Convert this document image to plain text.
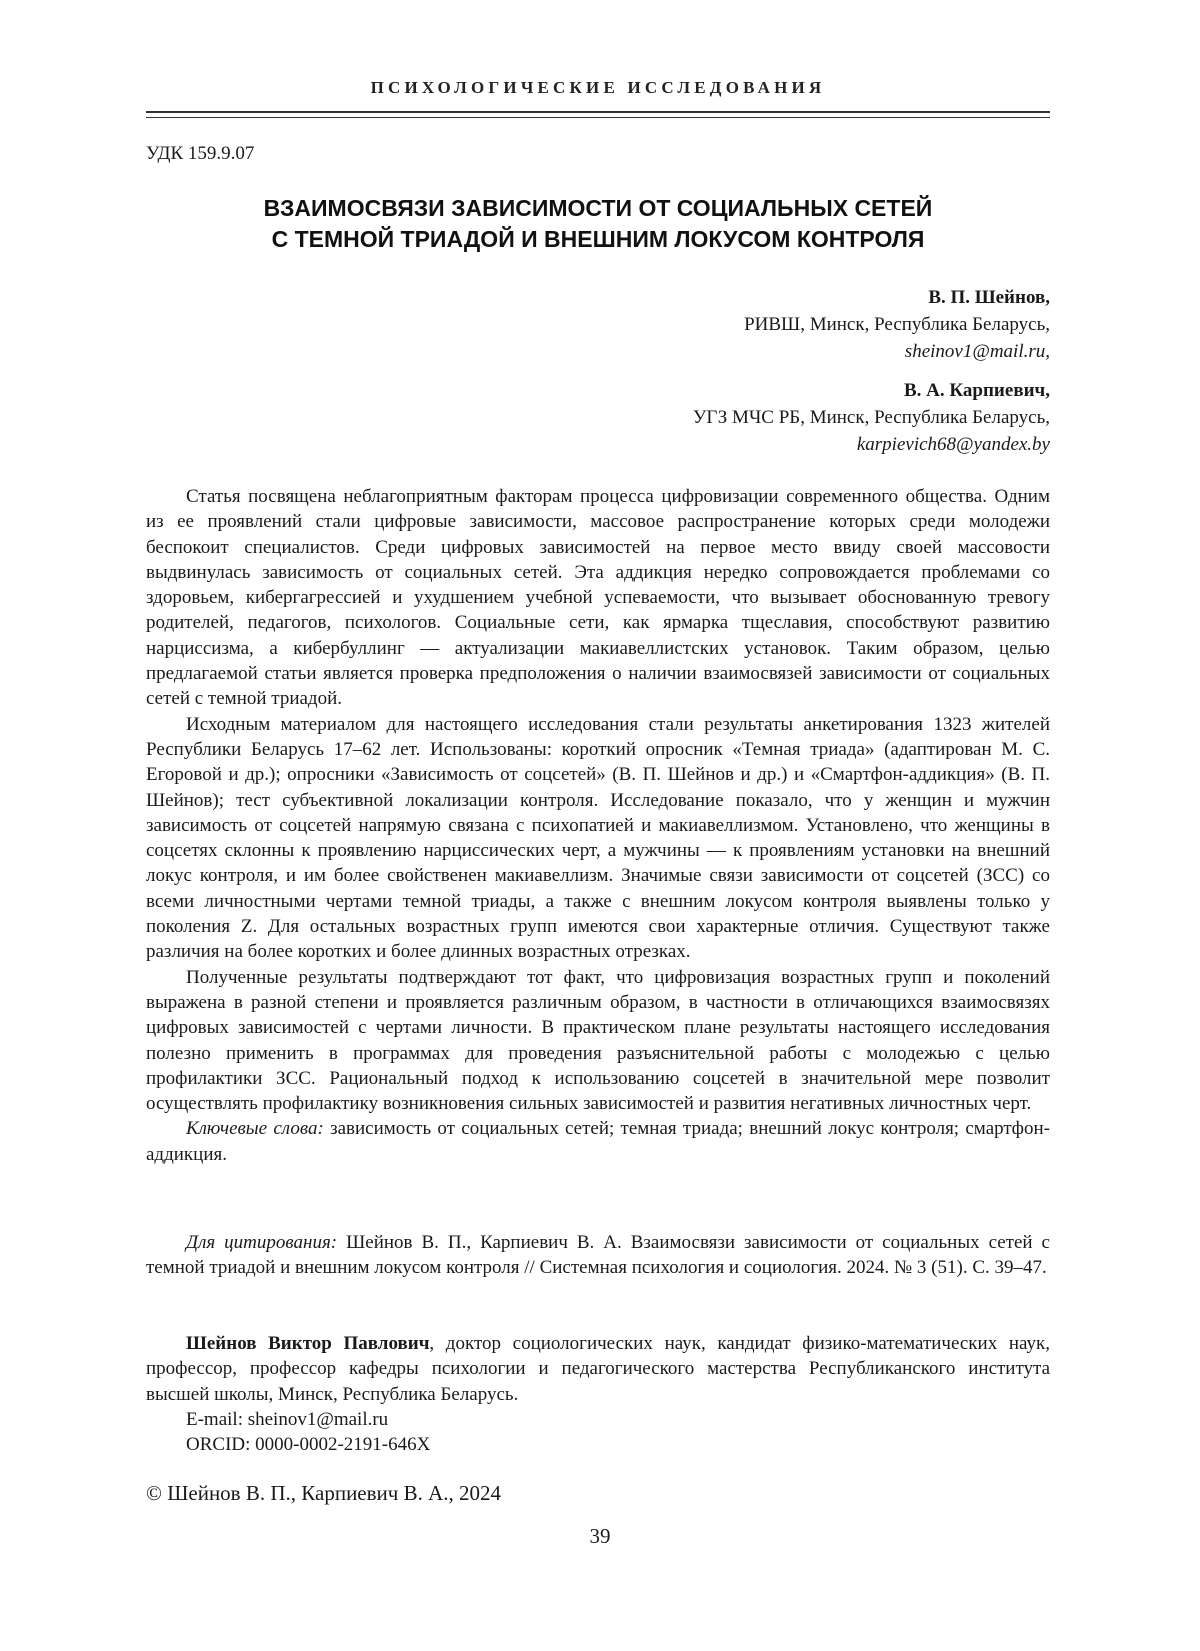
ПСИХОЛОГИЧЕСКИЕ ИССЛЕДОВАНИЯ
УДК 159.9.07
ВЗАИМОСВЯЗИ ЗАВИСИМОСТИ ОТ СОЦИАЛЬНЫХ СЕТЕЙ
С ТЕМНОЙ ТРИАДОЙ И ВНЕШНИМ ЛОКУСОМ КОНТРОЛЯ
В. П. Шейнов,
РИВШ, Минск, Республика Беларусь,
sheinov1@mail.ru,
В. А. Карпиевич,
УГЗ МЧС РБ, Минск, Республика Беларусь,
karpievich68@yandex.by

Статья посвящена неблагоприятным факторам процесса цифровизации современного общества. Одним из ее проявлений стали цифровые зависимости, массовое распространение которых среди молодежи беспокоит специалистов. Среди цифровых зависимостей на первое место ввиду своей массовости выдвинулась зависимость от социальных сетей. Эта аддикция нередко сопровождается проблемами со здоровьем, кибергагрессией и ухудшением учебной успеваемости, что вызывает обоснованную тревогу родителей, педагогов, психологов. Социальные сети, как ярмарка тщеславия, способствуют развитию нарциссизма, а кибербуллинг — актуализации макиавеллистских установок. Таким образом, целью предлагаемой статьи является проверка предположения о наличии взаимосвязей зависимости от социальных сетей с темной триадой.

Исходным материалом для настоящего исследования стали результаты анкетирования 1323 жителей Республики Беларусь 17–62 лет. Использованы: короткий опросник «Темная триада» (адаптирован М. С. Егоровой и др.); опросники «Зависимость от соцсетей» (В. П. Шейнов и др.) и «Смартфон-аддикция» (В. П. Шейнов); тест субъективной локализации контроля. Исследование показало, что у женщин и мужчин зависимость от соцсетей напрямую связана с психопатией и макиавеллизмом. Установлено, что женщины в соцсетях склонны к проявлению нарциссических черт, а мужчины — к проявлениям установки на внешний локус контроля, и им более свойственен макиавеллизм. Значимые связи зависимости от соцсетей (ЗСС) со всеми личностными чертами темной триады, а также с внешним локусом контроля выявлены только у поколения Z. Для остальных возрастных групп имеются свои характерные отличия. Существуют также различия на более коротких и более длинных возрастных отрезках.

Полученные результаты подтверждают тот факт, что цифровизация возрастных групп и поколений выражена в разной степени и проявляется различным образом, в частности в отличающихся взаимосвязях цифровых зависимостей с чертами личности. В практическом плане результаты настоящего исследования полезно применить в программах для проведения разъяснительной работы с молодежью с целью профилактики ЗСС. Рациональный подход к использованию соцсетей в значительной мере позволит осуществлять профилактику возникновения сильных зависимостей и развития негативных личностных черт.

Ключевые слова: зависимость от социальных сетей; темная триада; внешний локус контроля; смартфон-аддикция.

Для цитирования: Шейнов В. П., Карпиевич В. А. Взаимосвязи зависимости от социальных сетей с темной триадой и внешним локусом контроля // Системная психология и социология. 2024. № 3 (51). С. 39–47.

Шейнов Виктор Павлович, доктор социологических наук, кандидат физико-математических наук, профессор, профессор кафедры психологии и педагогического мастерства Республиканского института высшей школы, Минск, Республика Беларусь.

E-mail: sheinov1@mail.ru

ORCID: 0000-0002-2191-646X

© Шейнов В. П., Карпиевич В. А., 2024
39
